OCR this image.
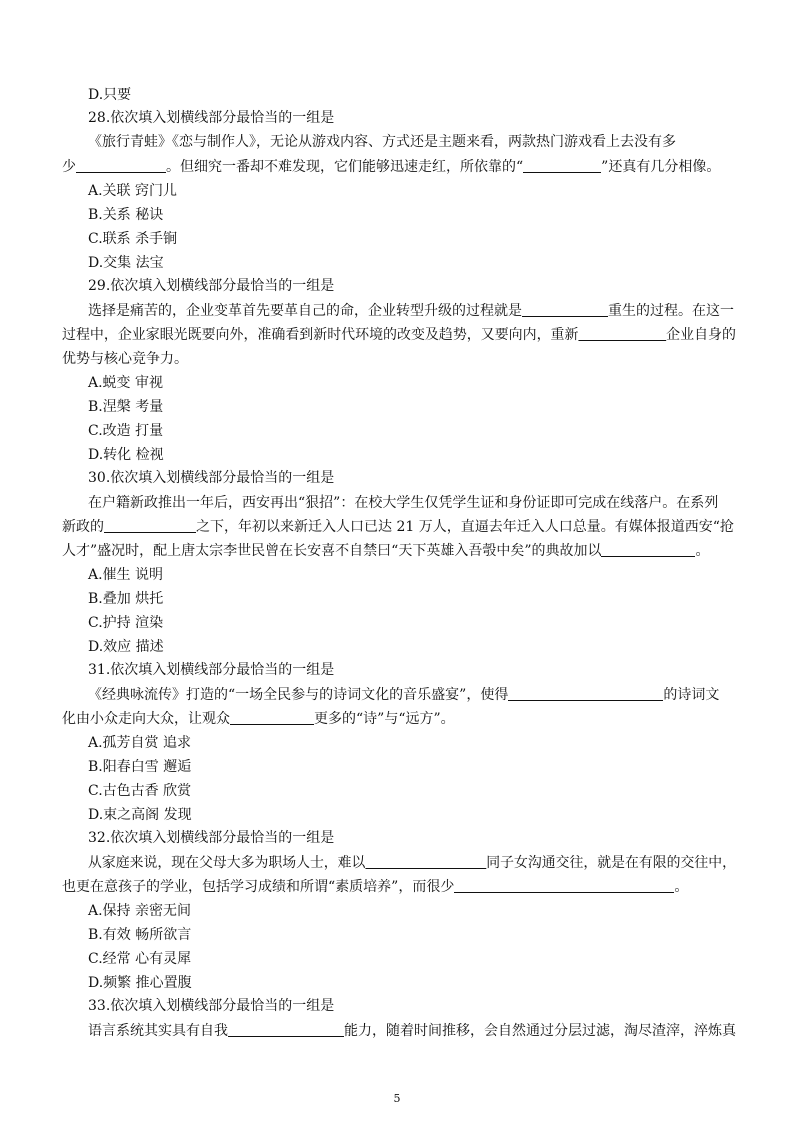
D.只要
28.依次填入划横线部分最恰当的一组是
《旅行青蛙》《恋与制作人》，无论从游戏内容、方式还是主题来看，两款热门游戏看上去没有多
少	。但细究一番却不难发现，它们能够迅速走红，所依靠的“	”还真有几分相像。
A.关联 窍门儿
B.关系 秘诀
C.联系 杀手锏
D.交集 法宝
29.依次填入划横线部分最恰当的一组是
选择是痛苦的，企业变革首先要革自己的命，企业转型升级的过程就是	重生的过程。在这一
过程中，企业家眼光既要向外，准确看到新时代环境的改变及趋势，又要向内，重新	企业自身的
优势与核心竞争力。
A.蜕变 审视
B.涅槃 考量
C.改造 打量
D.转化 检视
30.依次填入划横线部分最恰当的一组是
在户籍新政推出一年后，西安再出“狠招”：在校大学生仅凭学生证和身份证即可完成在线落户。在系列
新政的	之下，年初以来新迁入人口已达 21 万人，直逼去年迁入人口总量。有媒体报道西安“抢
人才”盛况时，配上唐太宗李世民曾在长安喜不自禁曰“天下英雄入吾彀中矣”的典故加以	。
A.催生 说明
B.叠加 烘托
C.护持 渲染
D.效应 描述
31.依次填入划横线部分最恰当的一组是
《经典咏流传》打造的“一场全民参与的诗词文化的音乐盛宴”，使得	的诗词文
化由小众走向大众，让观众	更多的“诗”与“远方”。
A.孤芳自赏 追求
B.阳春白雪 邂逅
C.古色古香 欣赏
D.束之高阁 发现
32.依次填入划横线部分最恰当的一组是
从家庭来说，现在父母大多为职场人士，难以	同子女沟通交往，就是在有限的交往中，
也更在意孩子的学业，包括学习成绩和所谓“素质培养”，而很少	。
A.保持 亲密无间
B.有效 畅所欲言
C.经常 心有灵犀
D.频繁 推心置腹
33.依次填入划横线部分最恰当的一组是
语言系统其实具有自我	能力，随着时间推移，会自然通过分层过滤，淘尽渣滓，淬炼真
5
